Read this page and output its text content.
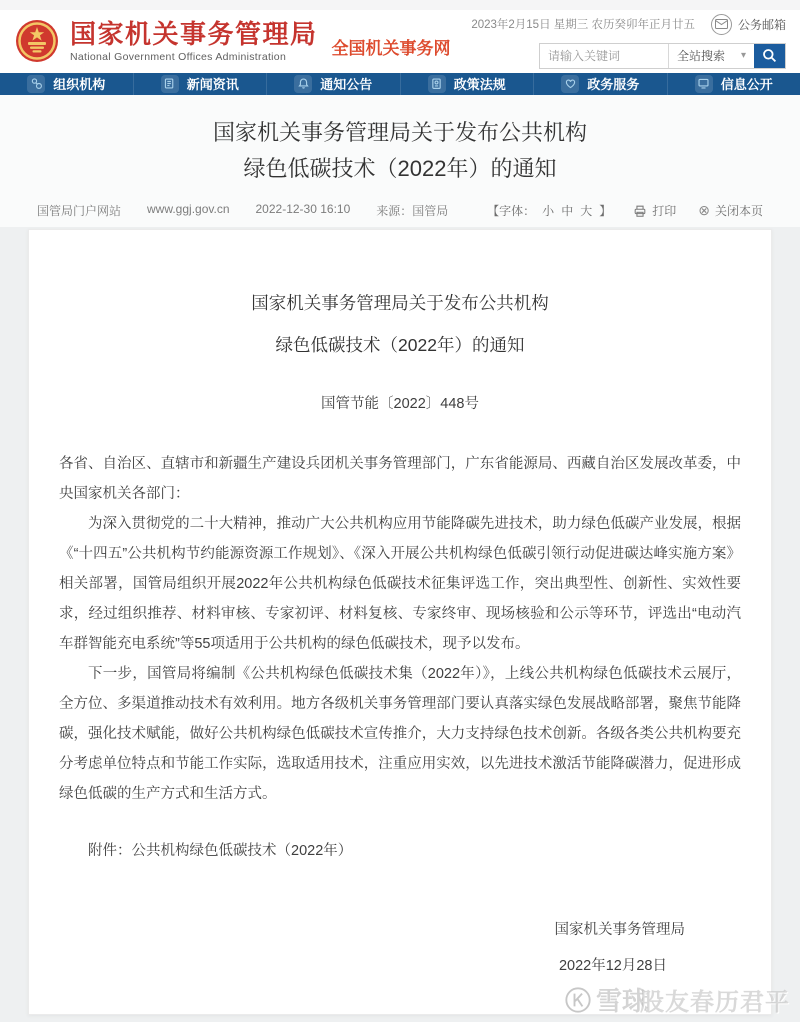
国家机关事务管理局
National Government Offices Administration	全国机关事务网
2023年2月15日 星期三 农历癸卯年正月廿五	公务邮箱
请输入关键词
全站搜索 ▾
组织机构	新闻资讯	通知公告	政策法规	政务服务	信息公开
国家机关事务管理局关于发布公共机构
绿色低碳技术（2022年）的通知
国管局门户网站 www.ggj.gov.cn 2022-12-30 16:10 来源：国管局	【字体： 小 中 大 】	打印 ⊗ 关闭本页
国家机关事务管理局关于发布公共机构
绿色低碳技术（2022年）的通知
国管节能〔2022〕448号

各省、自治区、直辖市和新疆生产建设兵团机关事务管理部门，广东省能源局、西藏自治区发展改革委，中央国家机关各部门：

为深入贯彻党的二十大精神，推动广大公共机构应用节能降碳先进技术，助力绿色低碳产业发展，根据《“十四五”公共机构节约能源资源工作规划》、《深入开展公共机构绿色低碳引领行动促进碳达峰实施方案》相关部署，国管局组织开展2022年公共机构绿色低碳技术征集评选工作，突出典型性、创新性、实效性要求，经过组织推荐、材料审核、专家初评、材料复核、专家终审、现场核验和公示等环节，评选出“电动汽车群智能充电系统”等55项适用于公共机构的绿色低碳技术，现予以发布。

下一步，国管局将编制《公共机构绿色低碳技术集（2022年）》，上线公共机构绿色低碳技术云展厅，全方位、多渠道推动技术有效利用。地方各级机关事务管理部门要认真落实绿色发展战略部署，聚焦节能降碳，强化技术赋能，做好公共机构绿色低碳技术宣传推介，大力支持绿色技术创新。各级各类公共机构要充分考虑单位特点和节能工作实际，选取适用技术，注重应用实效，以先进技术激活节能降碳潜力，促进形成绿色低碳的生产方式和生活方式。

附件：公共机构绿色低碳技术（2022年）
国家机关事务管理局
2022年12月28日
雪球
股友春历君平
